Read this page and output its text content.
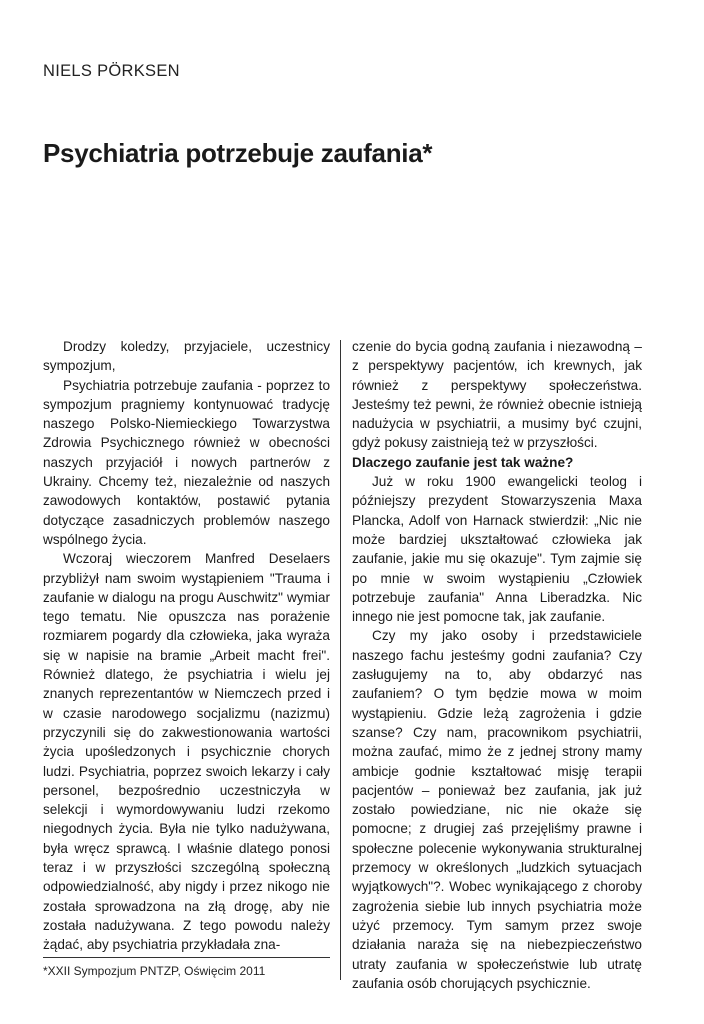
NIELS PÖRKSEN
Psychiatria potrzebuje zaufania*

Drodzy koledzy, przyjaciele, uczestnicy sympozjum,

Psychiatria potrzebuje zaufania - poprzez to sympozjum pragniemy kontynuować tradycję naszego Polsko-Niemieckiego Towarzystwa Zdrowia Psychicznego również w obecności naszych przyjaciół i nowych partnerów z Ukrainy. Chcemy też, niezależnie od naszych zawodowych kontaktów, postawić pytania dotyczące zasadniczych problemów naszego wspólnego życia.

Wczoraj wieczorem Manfred Deselaers przybliżył nam swoim wystąpieniem "Trauma i zaufanie w dialogu na progu Auschwitz" wymiar tego tematu. Nie opuszcza nas porażenie rozmiarem pogardy dla człowieka, jaka wyraża się w napisie na bramie „Arbeit macht frei". Również dlatego, że psychiatria i wielu jej znanych reprezentantów w Niemczech przed i w czasie narodowego socjalizmu (nazizmu) przyczynili się do zakwestionowania wartości życia upośledzonych i psychicznie chorych ludzi. Psychiatria, poprzez swoich lekarzy i cały personel, bezpośrednio uczestniczyła w selekcji i wymordowywaniu ludzi rzekomo niegodnych życia. Była nie tylko nadużywana, była wręcz sprawcą. I właśnie dlatego ponosi teraz i w przyszłości szczególną społeczną odpowiedzialność, aby nigdy i przez nikogo nie została sprowadzona na złą drogę, aby nie została nadużywana. Z tego powodu należy żądać, aby psychiatria przykładała zna-

czenie do bycia godną zaufania i niezawodną – z perspektywy pacjentów, ich krewnych, jak również z perspektywy społeczeństwa. Jesteśmy też pewni, że również obecnie istnieją nadużycia w psychiatrii, a musimy być czujni, gdyż pokusy zaistnieją też w przyszłości.

Dlaczego zaufanie jest tak ważne?

Już w roku 1900 ewangelicki teolog i późniejszy prezydent Stowarzyszenia Maxa Plancka, Adolf von Harnack stwierdził: „Nic nie może bardziej ukształtować człowieka jak zaufanie, jakie mu się okazuje". Tym zajmie się po mnie w swoim wystąpieniu „Człowiek potrzebuje zaufania" Anna Liberadzka. Nic innego nie jest pomocne tak, jak zaufanie.

Czy my jako osoby i przedstawiciele naszego fachu jesteśmy godni zaufania? Czy zasługujemy na to, aby obdarzyć nas zaufaniem? O tym będzie mowa w moim wystąpieniu. Gdzie leżą zagrożenia i gdzie szanse? Czy nam, pracownikom psychiatrii, można zaufać, mimo że z jednej strony mamy ambicje godnie kształtować misję terapii pacjentów – ponieważ bez zaufania, jak już zostało powiedziane, nic nie okaże się pomocne; z drugiej zaś przejęliśmy prawne i społeczne polecenie wykonywania strukturalnej przemocy w określonych „ludzkich sytuacjach wyjątkowych"?. Wobec wynikającego z choroby zagrożenia siebie lub innych psychiatria może użyć przemocy. Tym samym przez swoje działania naraża się na niebezpieczeństwo utraty zaufania w społeczeństwie lub utratę zaufania osób chorujących psychicznie.

*XXII Sympozjum PNTZP, Oświęcim 2011
